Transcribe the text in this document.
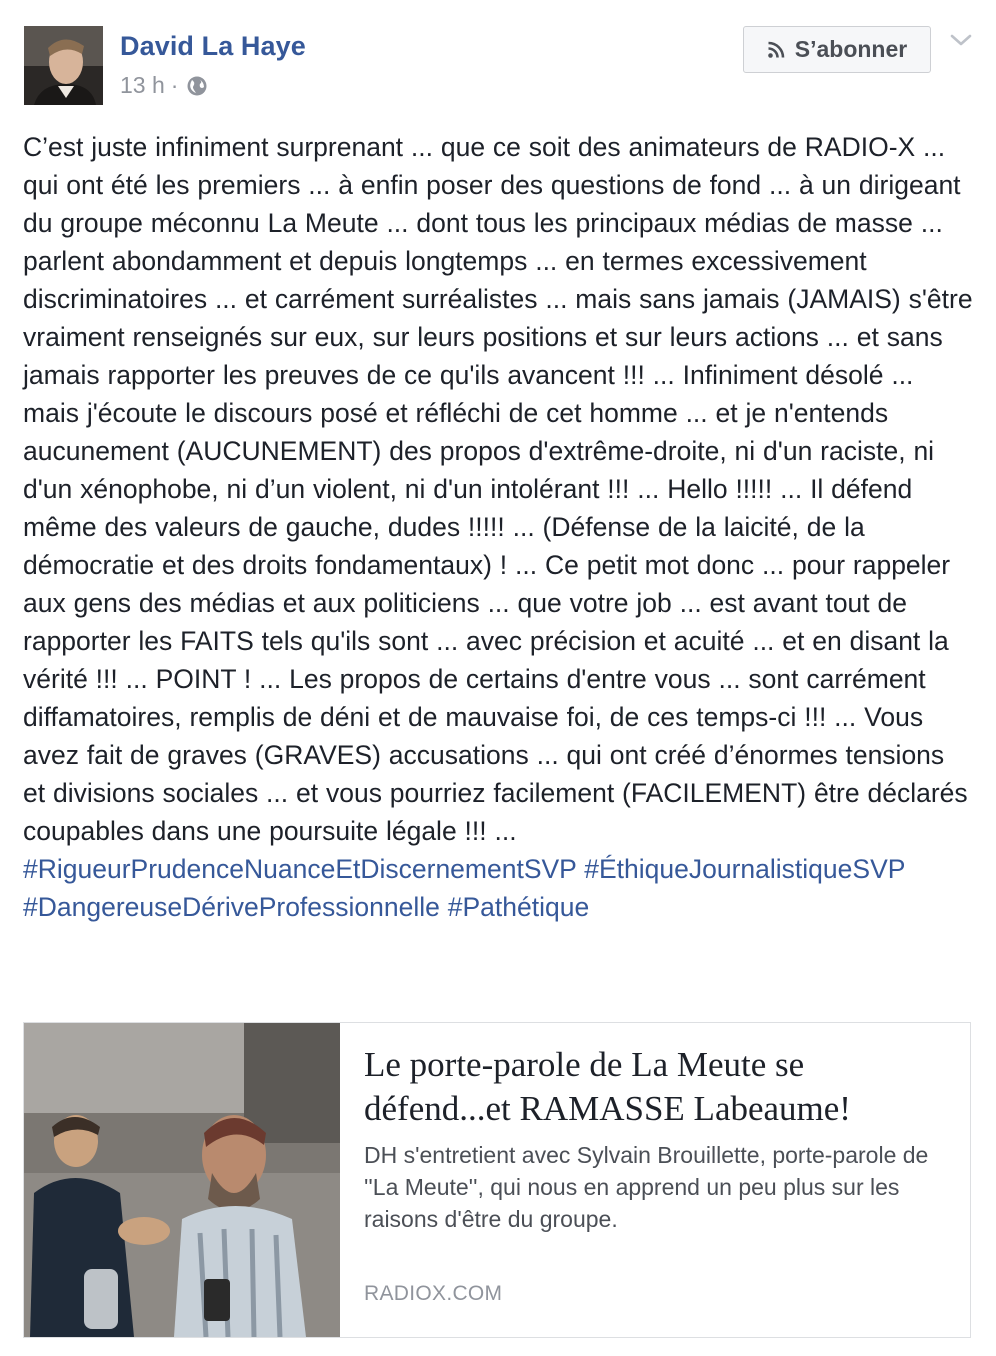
David La Haye
13 h ·
S’abonner
C’est juste infiniment surprenant ... que ce soit des animateurs de RADIO-X ... qui ont été les premiers ... à enfin poser des questions de fond ... à un dirigeant du groupe méconnu La Meute ... dont tous les principaux médias de masse ... parlent abondamment et depuis longtemps ... en termes excessivement discriminatoires ... et carrément surréalistes ... mais sans jamais (JAMAIS) s'être vraiment renseignés sur eux, sur leurs positions et sur leurs actions ... et sans jamais rapporter les preuves de ce qu'ils avancent !!! ... Infiniment désolé ... mais j'écoute le discours posé et réfléchi de cet homme ... et je n'entends aucunement (AUCUNEMENT) des propos d'extrême-droite, ni d'un raciste, ni d'un xénophobe, ni d’un violent, ni d'un intolérant !!! ... Hello !!!!! ... Il défend même des valeurs de gauche, dudes !!!!! ... (Défense de la laicité, de la démocratie et des droits fondamentaux) ! ... Ce petit mot donc ... pour rappeler aux gens des médias et aux politiciens ... que votre job ... est avant tout de rapporter les FAITS tels qu'ils sont ... avec précision et acuité ... et en disant la vérité !!! ... POINT ! ... Les propos de certains d'entre vous ... sont carrément diffamatoires, remplis de déni et de mauvaise foi, de ces temps-ci !!! ... Vous avez fait de graves (GRAVES) accusations ... qui ont créé d’énormes tensions et divisions sociales ... et vous pourriez facilement (FACILEMENT) être déclarés coupables dans une poursuite légale !!! ... #RigueurPrudenceNuanceEtDiscernementSVP #ÉthiqueJournalistiqueSVP #DangereuseDériveProfessionnelle #Pathétique
Le porte-parole de La Meute se défend...et RAMASSE Labeaume!
DH s'entretient avec Sylvain Brouillette, porte-parole de ''La Meute'', qui nous en apprend un peu plus sur les raisons d'être du groupe.
RADIOX.COM
